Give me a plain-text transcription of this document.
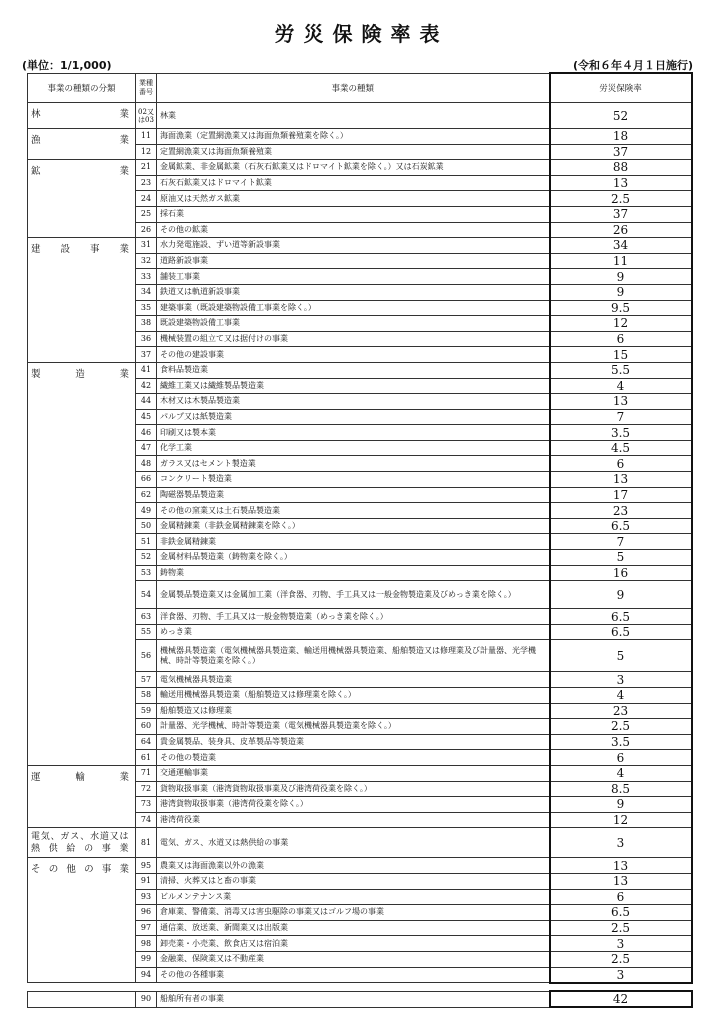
労災保険率表
(単位：1/1,000)	(令和６年４月１日施行)
事業の種類の分類	業種番号	事業の種類	労災保険率
林　業	02又は03	林業	52
漁　業	11	海面漁業（定置網漁業又は海面魚類養殖業を除く。）	18
	12	定置網漁業又は海面魚類養殖業	37
鉱　業	21	金属鉱業、非金属鉱業（石灰石鉱業又はドロマイト鉱業を除く。）又は石炭鉱業	88
	23	石灰石鉱業又はドロマイト鉱業	13
	24	原油又は天然ガス鉱業	2.5
	25	採石業	37
	26	その他の鉱業	26
建設事業	31	水力発電施設、ずい道等新設事業	34
	32	道路新設事業	11
	33	舗装工事業	9
	34	鉄道又は軌道新設事業	9
	35	建築事業（既設建築物設備工事業を除く。）	9.5
	38	既設建築物設備工事業	12
	36	機械装置の組立て又は据付けの事業	6
	37	その他の建設事業	15
製造業	41	食料品製造業	5.5
	42	繊維工業又は繊維製品製造業	4
	44	木材又は木製品製造業	13
	45	パルプ又は紙製造業	7
	46	印刷又は製本業	3.5
	47	化学工業	4.5
	48	ガラス又はセメント製造業	6
	66	コンクリート製造業	13
	62	陶磁器製品製造業	17
	49	その他の窯業又は土石製品製造業	23
	50	金属精錬業（非鉄金属精錬業を除く。）	6.5
	51	非鉄金属精錬業	7
	52	金属材料品製造業（鋳物業を除く。）	5
	53	鋳物業	16
	54	金属製品製造業又は金属加工業（洋食器、刃物、手工具又は一般金物製造業及びめっき業を除く。）	9
	63	洋食器、刃物、手工具又は一般金物製造業（めっき業を除く。）	6.5
	55	めっき業	6.5
	56	機械器具製造業（電気機械器具製造業、輸送用機械器具製造業、船舶製造又は修理業及び計量器、光学機械、時計等製造業を除く。）	5
	57	電気機械器具製造業	3
	58	輸送用機械器具製造業（船舶製造又は修理業を除く。）	4
	59	船舶製造又は修理業	23
	60	計量器、光学機械、時計等製造業（電気機械器具製造業を除く。）	2.5
	64	貴金属製品、装身具、皮革製品等製造業	3.5
	61	その他の製造業	6
運輸業	71	交通運輸事業	4
	72	貨物取扱事業（港湾貨物取扱事業及び港湾荷役業を除く。）	8.5
	73	港湾貨物取扱事業（港湾荷役業を除く。）	9
	74	港湾荷役業	12
電気、ガス、水道又は熱供給の事業	81	電気、ガス、水道又は熱供給の事業	3
その他の事業	95	農業又は海面漁業以外の漁業	13
	91	清掃、火葬又はと畜の事業	13
	93	ビルメンテナンス業	6
	96	倉庫業、警備業、消毒又は害虫駆除の事業又はゴルフ場の事業	6.5
	97	通信業、放送業、新聞業又は出版業	2.5
	98	卸売業・小売業、飲食店又は宿泊業	3
	99	金融業、保険業又は不動産業	2.5
	94	その他の各種事業	3
	90	船舶所有者の事業	42
